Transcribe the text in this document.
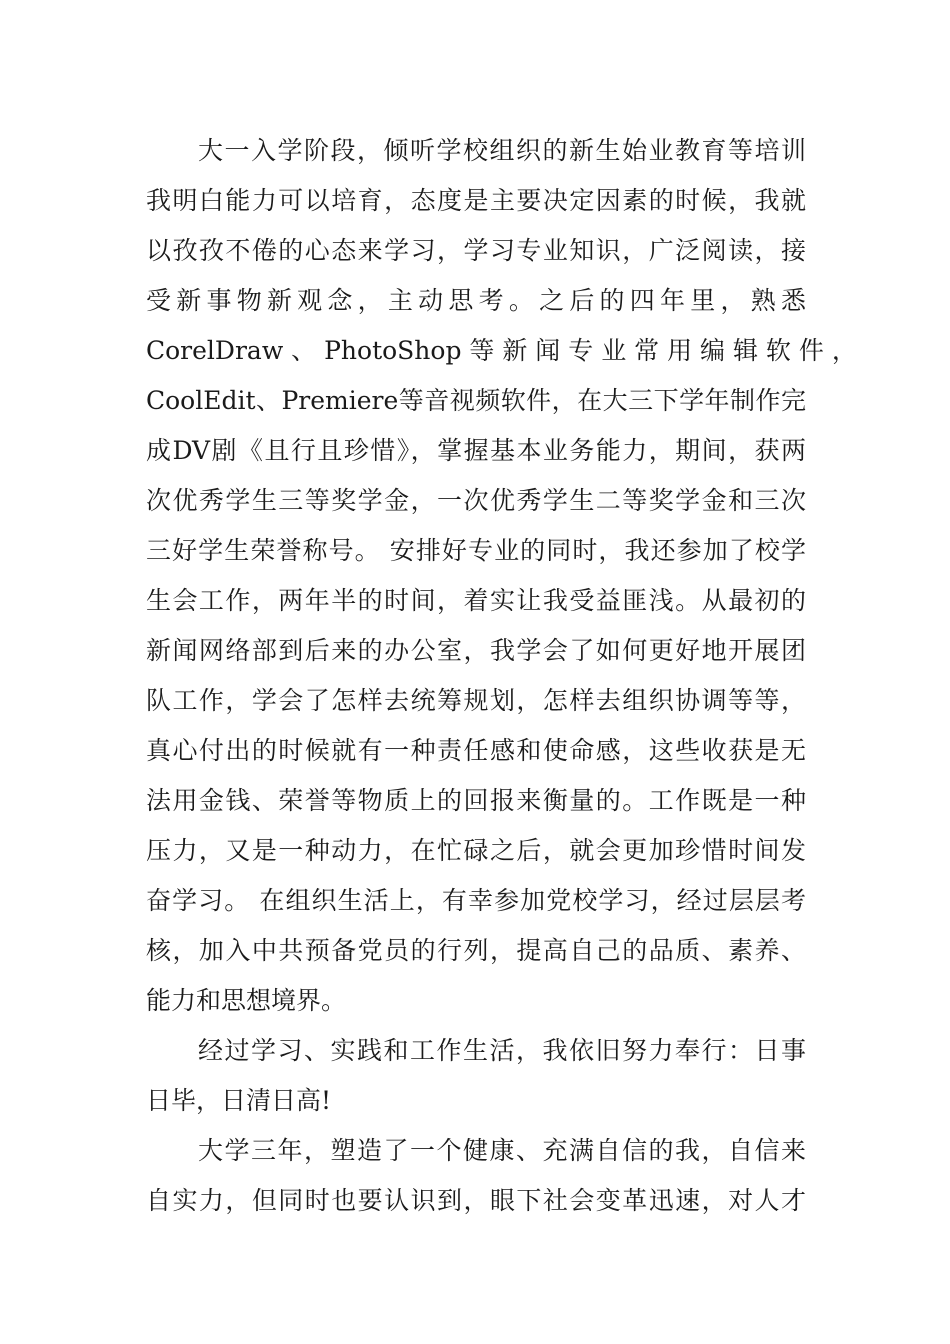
大一入学阶段，倾听学校组织的新生始业教育等培训
我明白能力可以培育，态度是主要决定因素的时候，我就
以孜孜不倦的心态来学习，学习专业知识，广泛阅读，接
受新事物新观念，主动思考。之后的四年里，熟悉
CorelDraw 、 PhotoShop 等 新 闻 专 业 常 用 编 辑 软 件 ，
CoolEdit、Premiere等音视频软件，在大三下学年制作完
成DV剧《且行且珍惜》，掌握基本业务能力，期间，获两
次优秀学生三等奖学金，一次优秀学生二等奖学金和三次
三好学生荣誉称号。 安排好专业的同时，我还参加了校学
生会工作，两年半的时间，着实让我受益匪浅。从最初的
新闻网络部到后来的办公室，我学会了如何更好地开展团
队工作，学会了怎样去统筹规划，怎样去组织协调等等，
真心付出的时候就有一种责任感和使命感，这些收获是无
法用金钱、荣誉等物质上的回报来衡量的。工作既是一种
压力，又是一种动力，在忙碌之后，就会更加珍惜时间发
奋学习。 在组织生活上，有幸参加党校学习，经过层层考
核，加入中共预备党员的行列，提高自己的品质、素养、
能力和思想境界。
经过学习、实践和工作生活，我依旧努力奉行：日事
日毕，日清日高!
大学三年，塑造了一个健康、充满自信的我，自信来
自实力，但同时也要认识到，眼下社会变革迅速，对人才
